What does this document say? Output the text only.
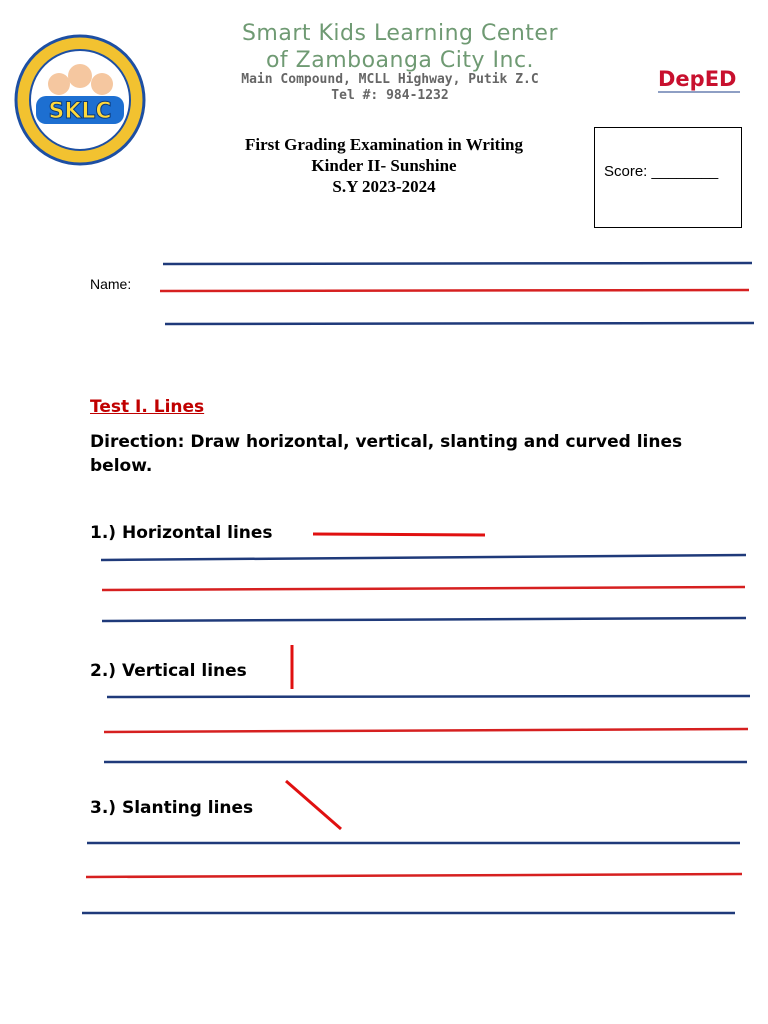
SKLC
Smart Kids Learning Center
of Zamboanga City Inc.
Main Compound, MCLL Highway, Putik Z.C
Tel #: 984-1232
DepED
First Grading Examination in Writing
Kinder II- Sunshine
S.Y 2023-2024
Score: ________
Name:
Test I. Lines
Direction: Draw horizontal, vertical, slanting and curved lines below.
1.) Horizontal lines
2.) Vertical lines
3.) Slanting lines
